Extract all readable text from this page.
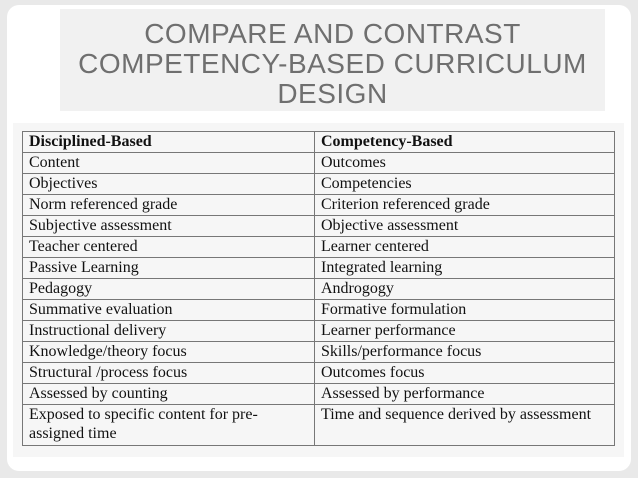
COMPARE AND CONTRAST
COMPETENCY-BASED CURRICULUM
DESIGN
Disciplined-Based	Competency-Based
Content	Outcomes
Objectives	Competencies
Norm referenced grade	Criterion referenced grade
Subjective assessment	Objective assessment
Teacher centered	Learner centered
Passive Learning	Integrated learning
Pedagogy	Androgogy
Summative evaluation	Formative formulation
Instructional delivery	Learner performance
Knowledge/theory focus	Skills/performance focus
Structural /process focus	Outcomes focus
Assessed by counting	Assessed by performance
Exposed to specific content for pre-assigned time	Time and sequence derived by assessment
